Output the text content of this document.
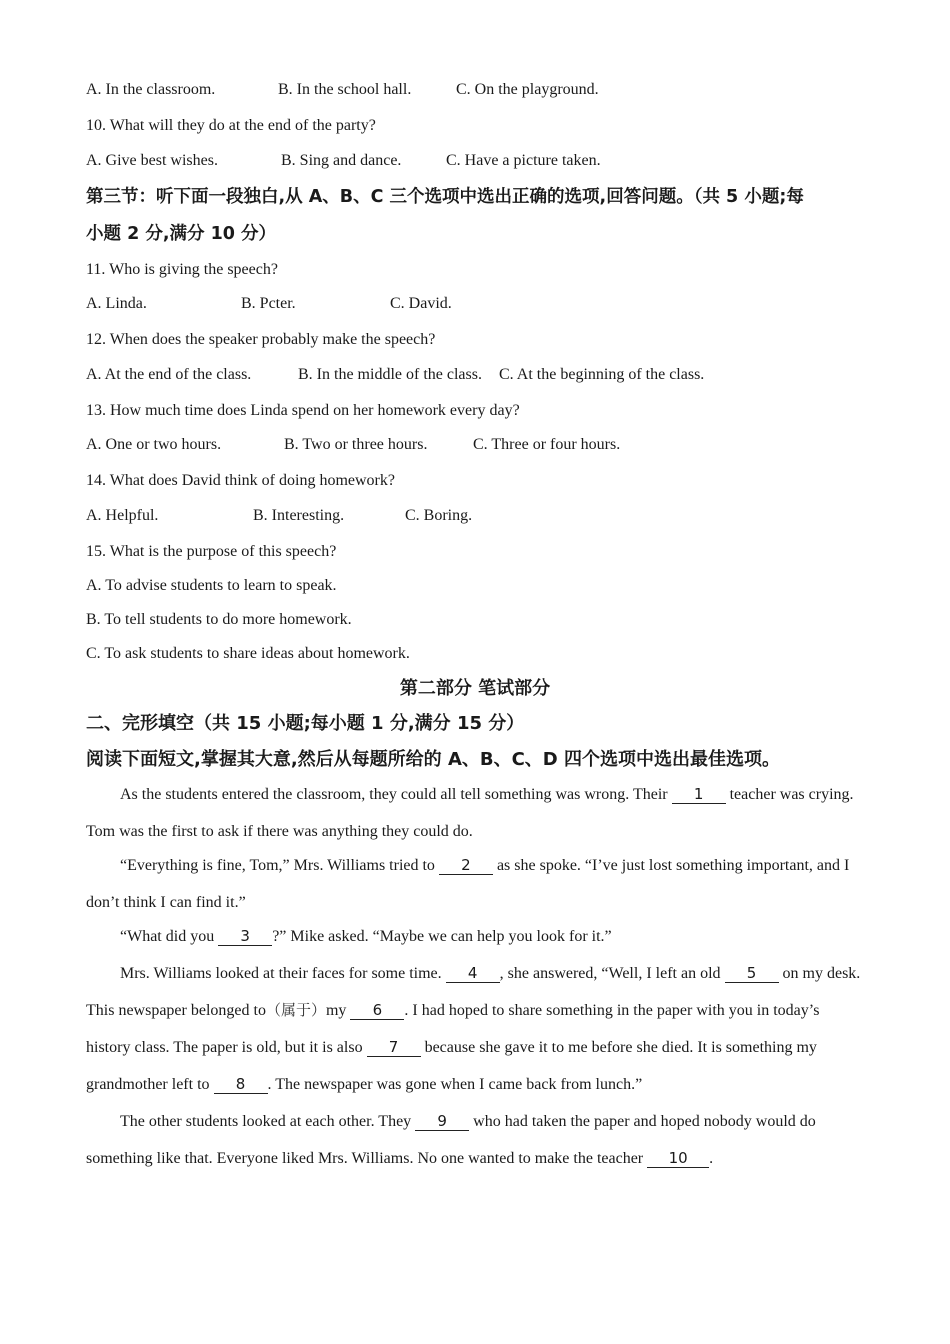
A. In the classroom.	B. In the school hall.	C. On the playground.
10. What will they do at the end of the party?
A. Give best wishes.	B. Sing and dance.	C. Have a picture taken.
第三节：听下面一段独白,从 A、B、C 三个选项中选出正确的选项,回答问题。（共 5 小题;每
小题 2 分,满分 10 分）
11. Who is giving the speech?
A. Linda.	B. Pcter.	C. David.
12. When does the speaker probably make the speech?
A. At the end of the class.	B. In the middle of the class. C. At the beginning of the class.
13. How much time does Linda spend on her homework every day?
A. One or two hours.	B. Two or three hours.	C. Three or four hours.
14. What does David think of doing homework?
A. Helpful.	B. Interesting.	C. Boring.
15. What is the purpose of this speech?
A. To advise students to learn to speak.
B. To tell students to do more homework.
C. To ask students to share ideas about homework.
第二部分 笔试部分
二、完形填空（共 15 小题;每小题 1 分,满分 15 分）
阅读下面短文,掌握其大意,然后从每题所给的 A、B、C、D 四个选项中选出最佳选项。
As the students entered the classroom, they could all tell something was wrong. Their 1 teacher was crying. Tom was the first to ask if there was anything they could do.
“Everything is fine, Tom,” Mrs. Williams tried to 2 as she spoke. “I’ve just lost something important, and I don’t think I can find it.”
“What did you 3 ?” Mike asked. “Maybe we can help you look for it.”
Mrs. Williams looked at their faces for some time. 4 , she answered, “Well, I left an old 5 on my desk. This newspaper belonged to（属于）my 6 . I had hoped to share something in the paper with you in today’s history class. The paper is old, but it is also 7 because she gave it to me before she died. It is something my grandmother left to 8 . The newspaper was gone when I came back from lunch.”
The other students looked at each other. They 9 who had taken the paper and hoped nobody would do something like that. Everyone liked Mrs. Williams. No one wanted to make the teacher 10 .
